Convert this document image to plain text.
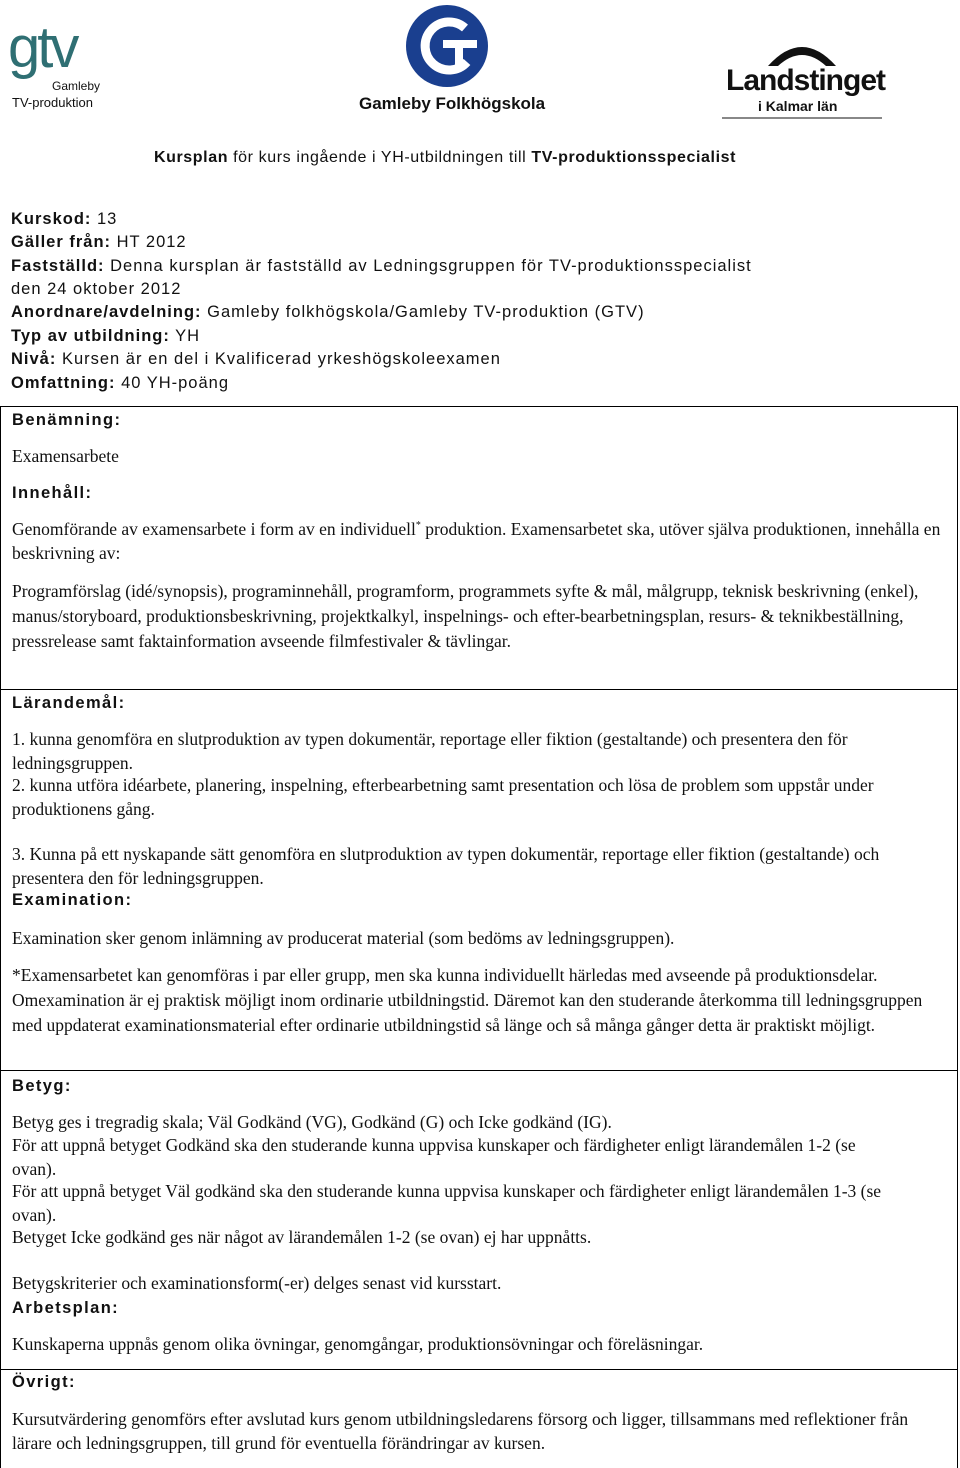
gtv
Gamleby
TV-produktion	Gamleby Folkhögskola
Landstinget
i Kalmar län
Kursplan för kurs ingående i YH-utbildningen till TV-produktionsspecialist
Kurskod: 13
Gäller från: HT 2012
Fastställd: Denna kursplan är fastställd av Ledningsgruppen för TV-produktionsspecialist
den 24 oktober 2012
Anordnare/avdelning: Gamleby folkhögskola/Gamleby TV-produktion (GTV)
Typ av utbildning: YH
Nivå: Kursen är en del i Kvalificerad yrkeshögskoleexamen
Omfattning: 40 YH-poäng
Benämning:
Examensarbete
Innehåll:
Genomförande av examensarbete i form av en individuell* produktion. Examensarbetet ska, utöver själva produktionen, innehålla en beskrivning av:
Programförslag (idé/synopsis), programinnehåll, programform, programmets syfte & mål, målgrupp, teknisk beskrivning (enkel), manus/storyboard, produktionsbeskrivning, projektkalkyl, inspelnings- och efter-bearbetningsplan, resurs- & teknikbeställning, pressrelease samt faktainformation avseende filmfestivaler & tävlingar.
Lärandemål:
1. kunna genomföra en slutproduktion av typen dokumentär, reportage eller fiktion (gestaltande) och presentera den för ledningsgruppen.
2. kunna utföra idéarbete, planering, inspelning, efterbearbetning samt presentation och lösa de problem som uppstår under produktionens gång.
3. Kunna på ett nyskapande sätt genomföra en slutproduktion av typen dokumentär, reportage eller fiktion (gestaltande) och presentera den för ledningsgruppen.
Examination:
Examination sker genom inlämning av producerat material (som bedöms av ledningsgruppen).
*Examensarbetet kan genomföras i par eller grupp, men ska kunna individuellt härledas med avseende på produktionsdelar. Omexamination är ej praktisk möjligt inom ordinarie utbildningstid. Däremot kan den studerande återkomma till ledningsgruppen med uppdaterat examinationsmaterial efter ordinarie utbildningstid så länge och så många gånger detta är praktiskt möjligt.
Betyg:
Betyg ges i tregradig skala; Väl Godkänd (VG), Godkänd (G) och Icke godkänd (IG).
För att uppnå betyget Godkänd ska den studerande kunna uppvisa kunskaper och färdigheter enligt lärandemålen 1-2 (se ovan).
För att uppnå betyget Väl godkänd ska den studerande kunna uppvisa kunskaper och färdigheter enligt lärandemålen 1-3 (se ovan).
Betyget Icke godkänd ges när något av lärandemålen 1-2 (se ovan) ej har uppnåtts.
Betygskriterier och examinationsform(-er) delges senast vid kursstart.
Arbetsplan:
Kunskaperna uppnås genom olika övningar, genomgångar, produktionsövningar och föreläsningar.
Övrigt:
Kursutvärdering genomförs efter avslutad kurs genom utbildningsledarens försorg och ligger, tillsammans med reflektioner från lärare och ledningsgruppen, till grund för eventuella förändringar av kursen.
